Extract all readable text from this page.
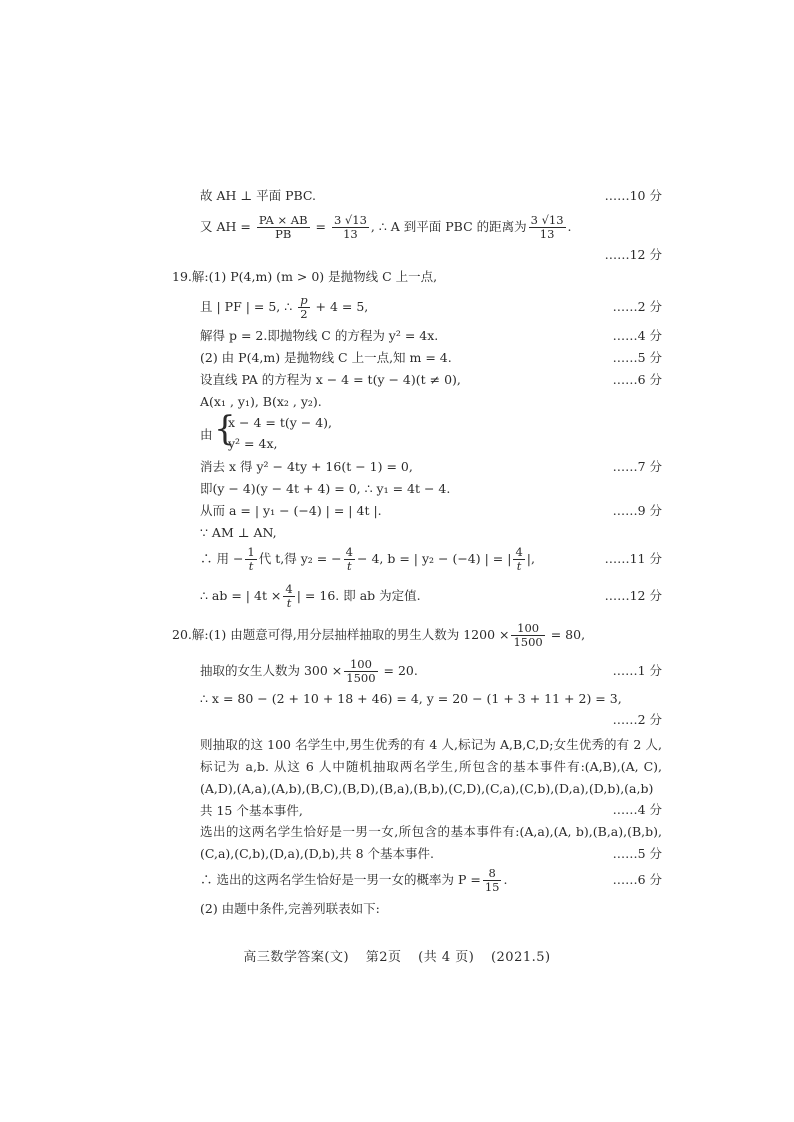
故 AH ⊥ 平面 PBC.	……10 分
又 AH = $\frac{PA \times AB}{PB} = \frac{3 √13}{13}$ , ∴ A 到平面 PBC 的距离为 $\frac{3 √13}{13}$ .
……12 分
19.解:(1) P(4,m) (m > 0) 是抛物线 C 上一点,
且 | PF | = 5, ∴ $\frac{p}{2} + 4 = 5$,	……2 分
解得 p = 2.即抛物线 C 的方程为 y² = 4x.	……4 分
(2) 由 P(4,m) 是抛物线 C 上一点,知 m = 4.	……5 分
设直线 PA 的方程为 x − 4 = t(y − 4)(t ≠ 0),	……6 分
A(x₁ , y₁), B(x₂ , y₂).
由 {
x − 4 = t(y − 4),
y² = 4x,
消去 x 得 y² − 4ty + 16(t − 1) = 0,	……7 分
即(y − 4)(y − 4t + 4) = 0, ∴ y₁ = 4t − 4.
从而 a = | y₁ − (−4) | = | 4t |.	……9 分
∵ AM ⊥ AN,
∴ 用 − $\frac{1}{t}$ 代 t,得 y₂ = − $\frac{4}{t} - 4$, b = | y₂ − (−4) | = | $\frac{4}{t}$ |,	……11 分
∴ ab = | $4t \times \frac{4}{t}$ | = 16. 即 ab 为定值.	……12 分
20.解:(1) 由题意可得,用分层抽样抽取的男生人数为 $1200 \times \frac{100}{1500} = 80$,
抽取的女生人数为 $300 \times \frac{100}{1500} = 20$.	……1 分
∴ x = 80 − (2 + 10 + 18 + 46) = 4, y = 20 − (1 + 3 + 11 + 2) = 3,
……2 分
则抽取的这 100 名学生中,男生优秀的有 4 人,标记为 A,B,C,D;女生优秀的有 2 人,标记为 a,b. 从这 6 人中随机抽取两名学生,所包含的基本事件有:(A,B),(A, C),(A,D),(A,a),(A,b),(B,C),(B,D),(B,a),(B,b),(C,D),(C,a),(C,b),(D,a),(D,b),(a,b) 共 15 个基本事件,	……4 分
选出的这两名学生恰好是一男一女,所包含的基本事件有:(A,a),(A, b),(B,a),(B,b),(C,a),(C,b),(D,a),(D,b),共 8 个基本事件.	……5 分
∴ 选出的这两名学生恰好是一男一女的概率为 $P = \frac{8}{15}$ .	……6 分
(2) 由题中条件,完善列联表如下:
高三数学答案(文) 第2页 (共 4 页) (2021.5)
